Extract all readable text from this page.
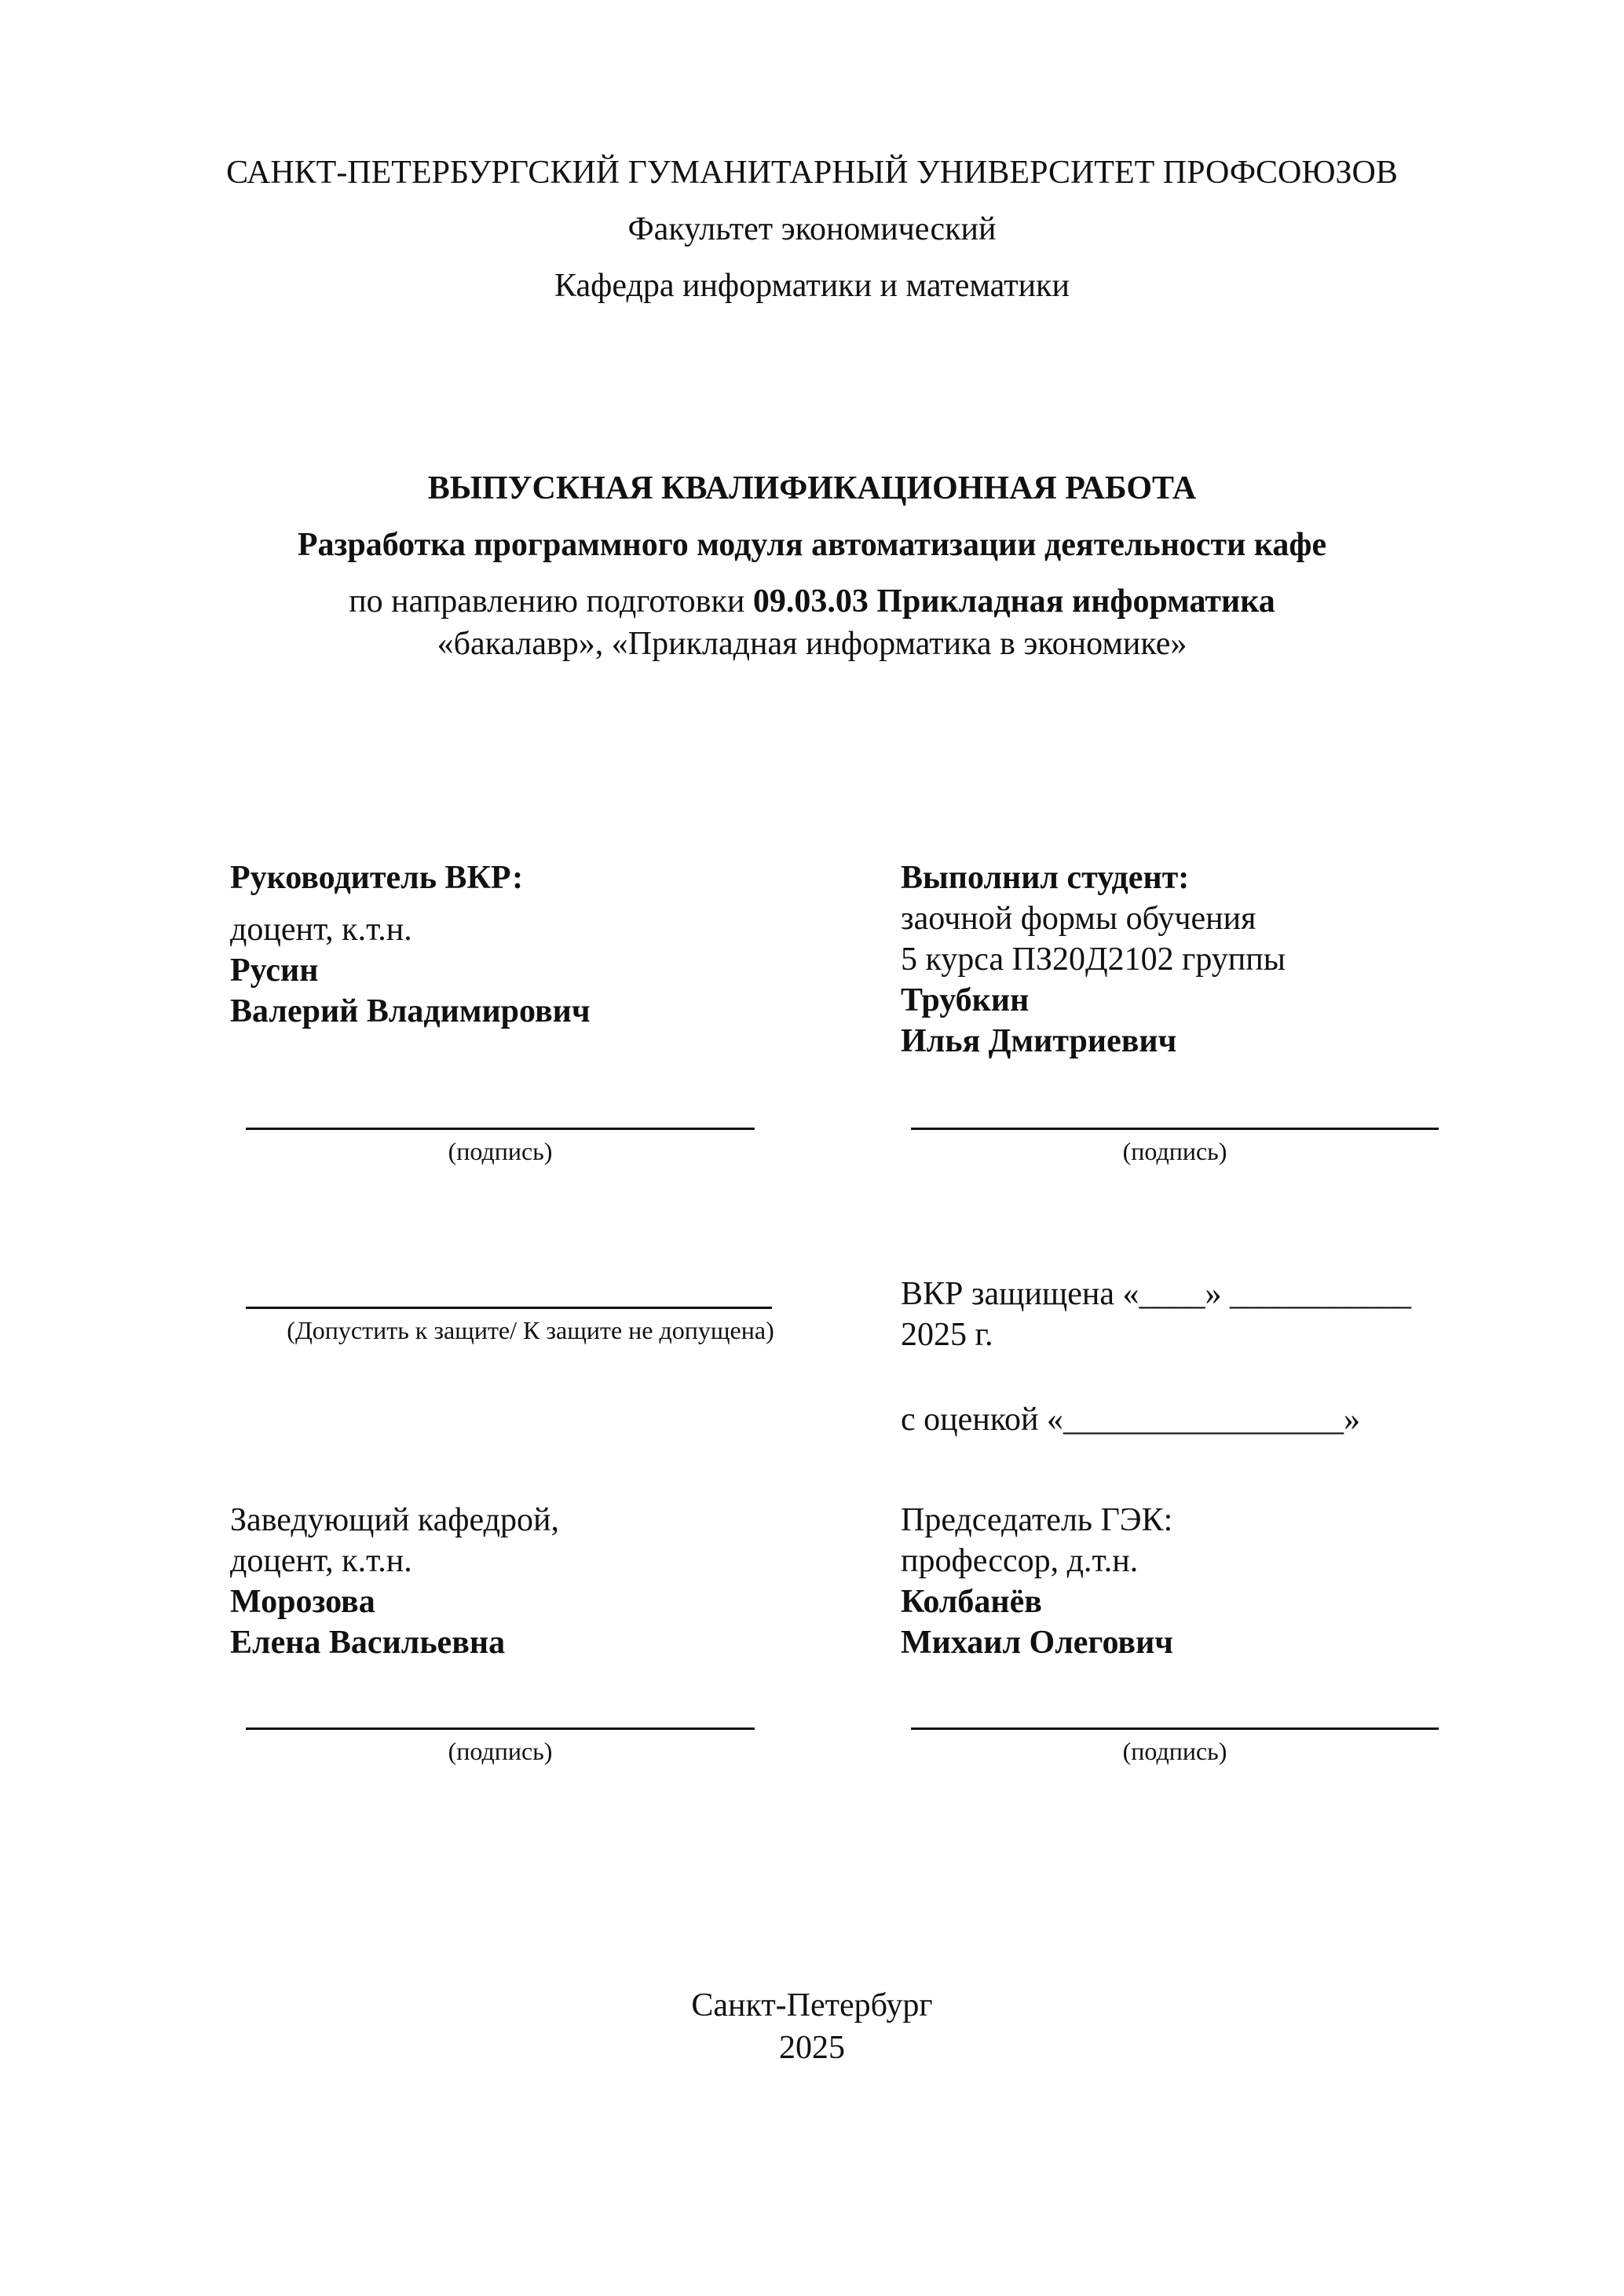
САНКТ-ПЕТЕРБУРГСКИЙ ГУМАНИТАРНЫЙ УНИВЕРСИТЕТ ПРОФСОЮЗОВ
Факультет экономический
Кафедра информатики и математики
ВЫПУСКНАЯ КВАЛИФИКАЦИОННАЯ РАБОТА
Разработка программного модуля автоматизации деятельности кафе
по направлению подготовки 09.03.03 Прикладная информатика
«бакалавр», «Прикладная информатика в экономике»
Руководитель ВКР:
доцент, к.т.н.
Русин
Валерий Владимирович
(подпись)
Выполнил студент:
заочной формы обучения
5 курса ПЗ20Д2102 группы
Трубкин
Илья Дмитриевич
(подпись)
(Допустить к защите/ К защите не допущена)
ВКР защищена «____» ___________
2025 г.
с оценкой «_________________»
Заведующий кафедрой,
доцент, к.т.н.
Морозова
Елена Васильевна
(подпись)
Председатель ГЭК:
профессор, д.т.н.
Колбанёв
Михаил Олегович
(подпись)
Санкт-Петербург
2025
